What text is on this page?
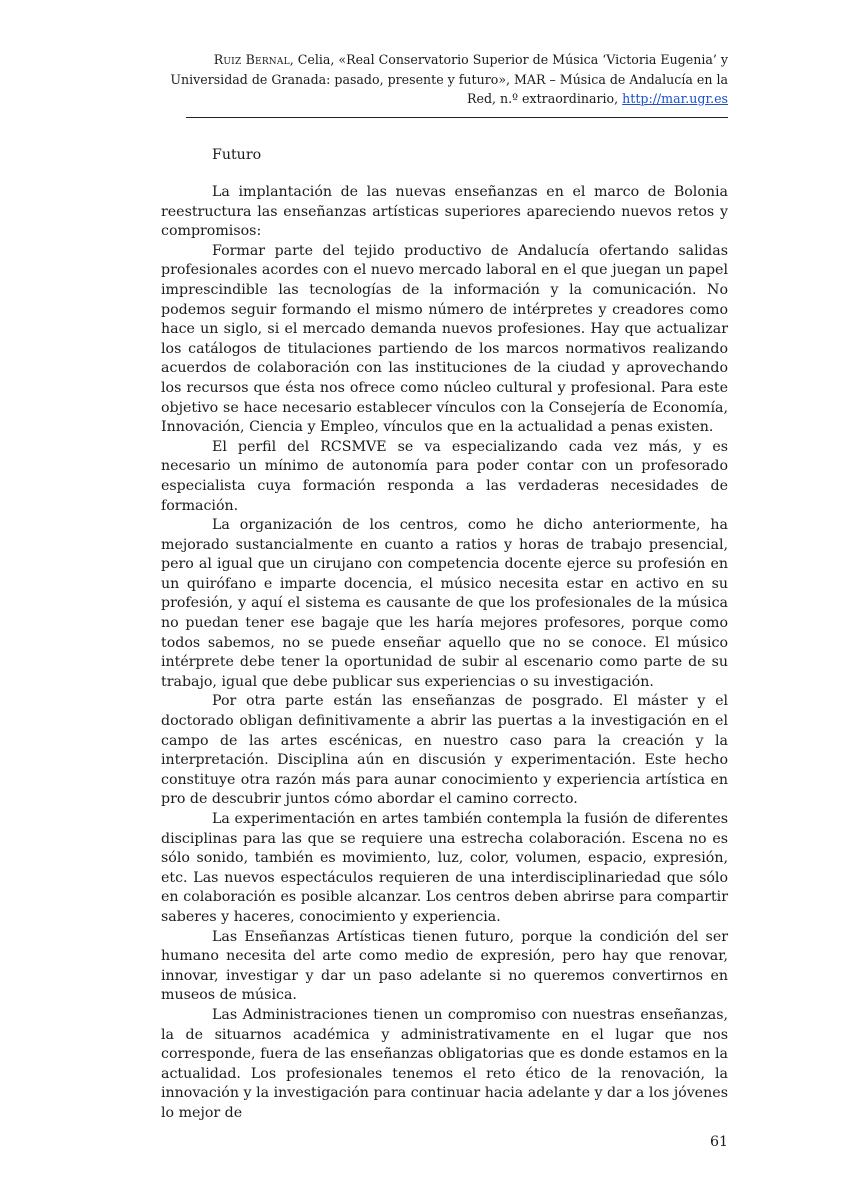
Ruiz Bernal, Celia, «Real Conservatorio Superior de Música ‘Victoria Eugenia’ y Universidad de Granada: pasado, presente y futuro», MAR – Música de Andalucía en la Red, n.º extraordinario, http://mar.ugr.es
Futuro

La implantación de las nuevas enseñanzas en el marco de Bolonia reestructura las enseñanzas artísticas superiores apareciendo nuevos retos y compromisos:

Formar parte del tejido productivo de Andalucía ofertando salidas profesionales acordes con el nuevo mercado laboral en el que juegan un papel imprescindible las tecnologías de la información y la comunicación. No podemos seguir formando el mismo número de intérpretes y creadores como hace un siglo, si el mercado demanda nuevos profesiones. Hay que actualizar los catálogos de titulaciones partiendo de los marcos normativos realizando acuerdos de colaboración con las instituciones de la ciudad y aprovechando los recursos que ésta nos ofrece como núcleo cultural y profesional. Para este objetivo se hace necesario establecer vínculos con la Consejería de Economía, Innovación, Ciencia y Empleo, vínculos que en la actualidad a penas existen.

El perfil del RCSMVE se va especializando cada vez más, y es necesario un mínimo de autonomía para poder contar con un profesorado especialista cuya formación responda a las verdaderas necesidades de formación.

La organización de los centros, como he dicho anteriormente, ha mejorado sustancialmente en cuanto a ratios y horas de trabajo presencial, pero al igual que un cirujano con competencia docente ejerce su profesión en un quirófano e imparte docencia, el músico necesita estar en activo en su profesión, y aquí el sistema es causante de que los profesionales de la música no puedan tener ese bagaje que les haría mejores profesores, porque como todos sabemos, no se puede enseñar aquello que no se conoce. El músico intérprete debe tener la oportunidad de subir al escenario como parte de su trabajo, igual que debe publicar sus experiencias o su investigación.

Por otra parte están las enseñanzas de posgrado. El máster y el doctorado obligan definitivamente a abrir las puertas a la investigación en el campo de las artes escénicas, en nuestro caso para la creación y la interpretación. Disciplina aún en discusión y experimentación. Este hecho constituye otra razón más para aunar conocimiento y experiencia artística en pro de descubrir juntos cómo abordar el camino correcto.

La experimentación en artes también contempla la fusión de diferentes disciplinas para las que se requiere una estrecha colaboración. Escena no es sólo sonido, también es movimiento, luz, color, volumen, espacio, expresión, etc. Las nuevos espectáculos requieren de una interdisciplinariedad que sólo en colaboración es posible alcanzar. Los centros deben abrirse para compartir saberes y haceres, conocimiento y experiencia.

Las Enseñanzas Artísticas tienen futuro, porque la condición del ser humano necesita del arte como medio de expresión, pero hay que renovar, innovar, investigar y dar un paso adelante si no queremos convertirnos en museos de música.

Las Administraciones tienen un compromiso con nuestras enseñanzas, la de situarnos académica y administrativamente en el lugar que nos corresponde, fuera de las enseñanzas obligatorias que es donde estamos en la actualidad. Los profesionales tenemos el reto ético de la renovación, la innovación y la investigación para continuar hacia adelante y dar a los jóvenes lo mejor de

61
